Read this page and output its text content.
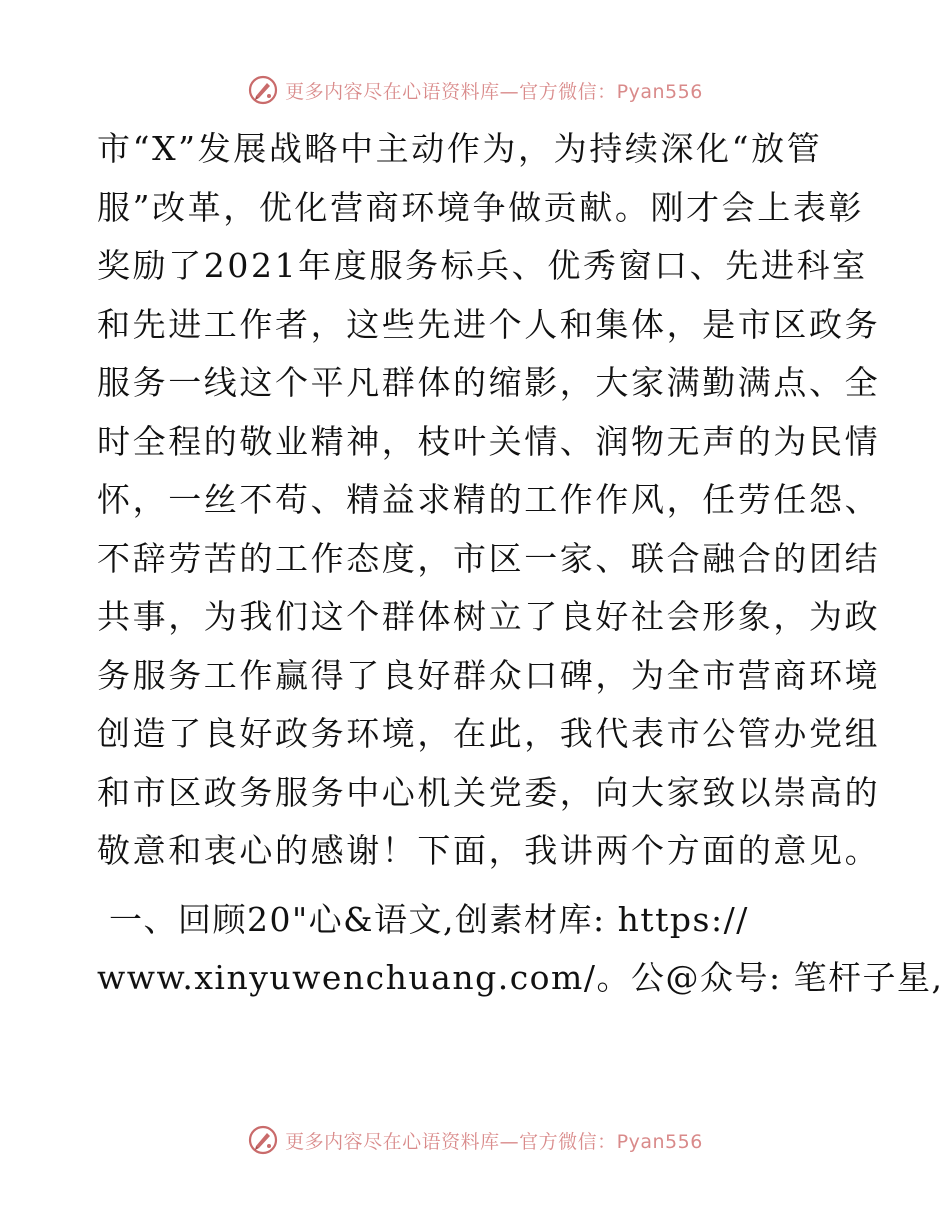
更多内容尽在心语资料库—官方微信：Pyan556
市“X”发展战略中主动作为，为持续深化“放管
服”改革，优化营商环境争做贡献。刚才会上表彰
奖励了2021年度服务标兵、优秀窗口、先进科室
和先进工作者，这些先进个人和集体，是市区政务
服务一线这个平凡群体的缩影，大家满勤满点、全
时全程的敬业精神，枝叶关情、润物无声的为民情
怀，一丝不苟、精益求精的工作作风，任劳任怨、
不辞劳苦的工作态度，市区一家、联合融合的团结
共事，为我们这个群体树立了良好社会形象，为政
务服务工作赢得了良好群众口碑，为全市营商环境
创造了良好政务环境，在此，我代表市公管办党组
和市区政务服务中心机关党委，向大家致以崇高的
敬意和衷心的感谢！下面，我讲两个方面的意见。
一、回顾20"心&语文,创素材库: https://
www.xinyuwenchuang.com/。公@众号: 笔杆子星,
更多内容尽在心语资料库—官方微信：Pyan556
